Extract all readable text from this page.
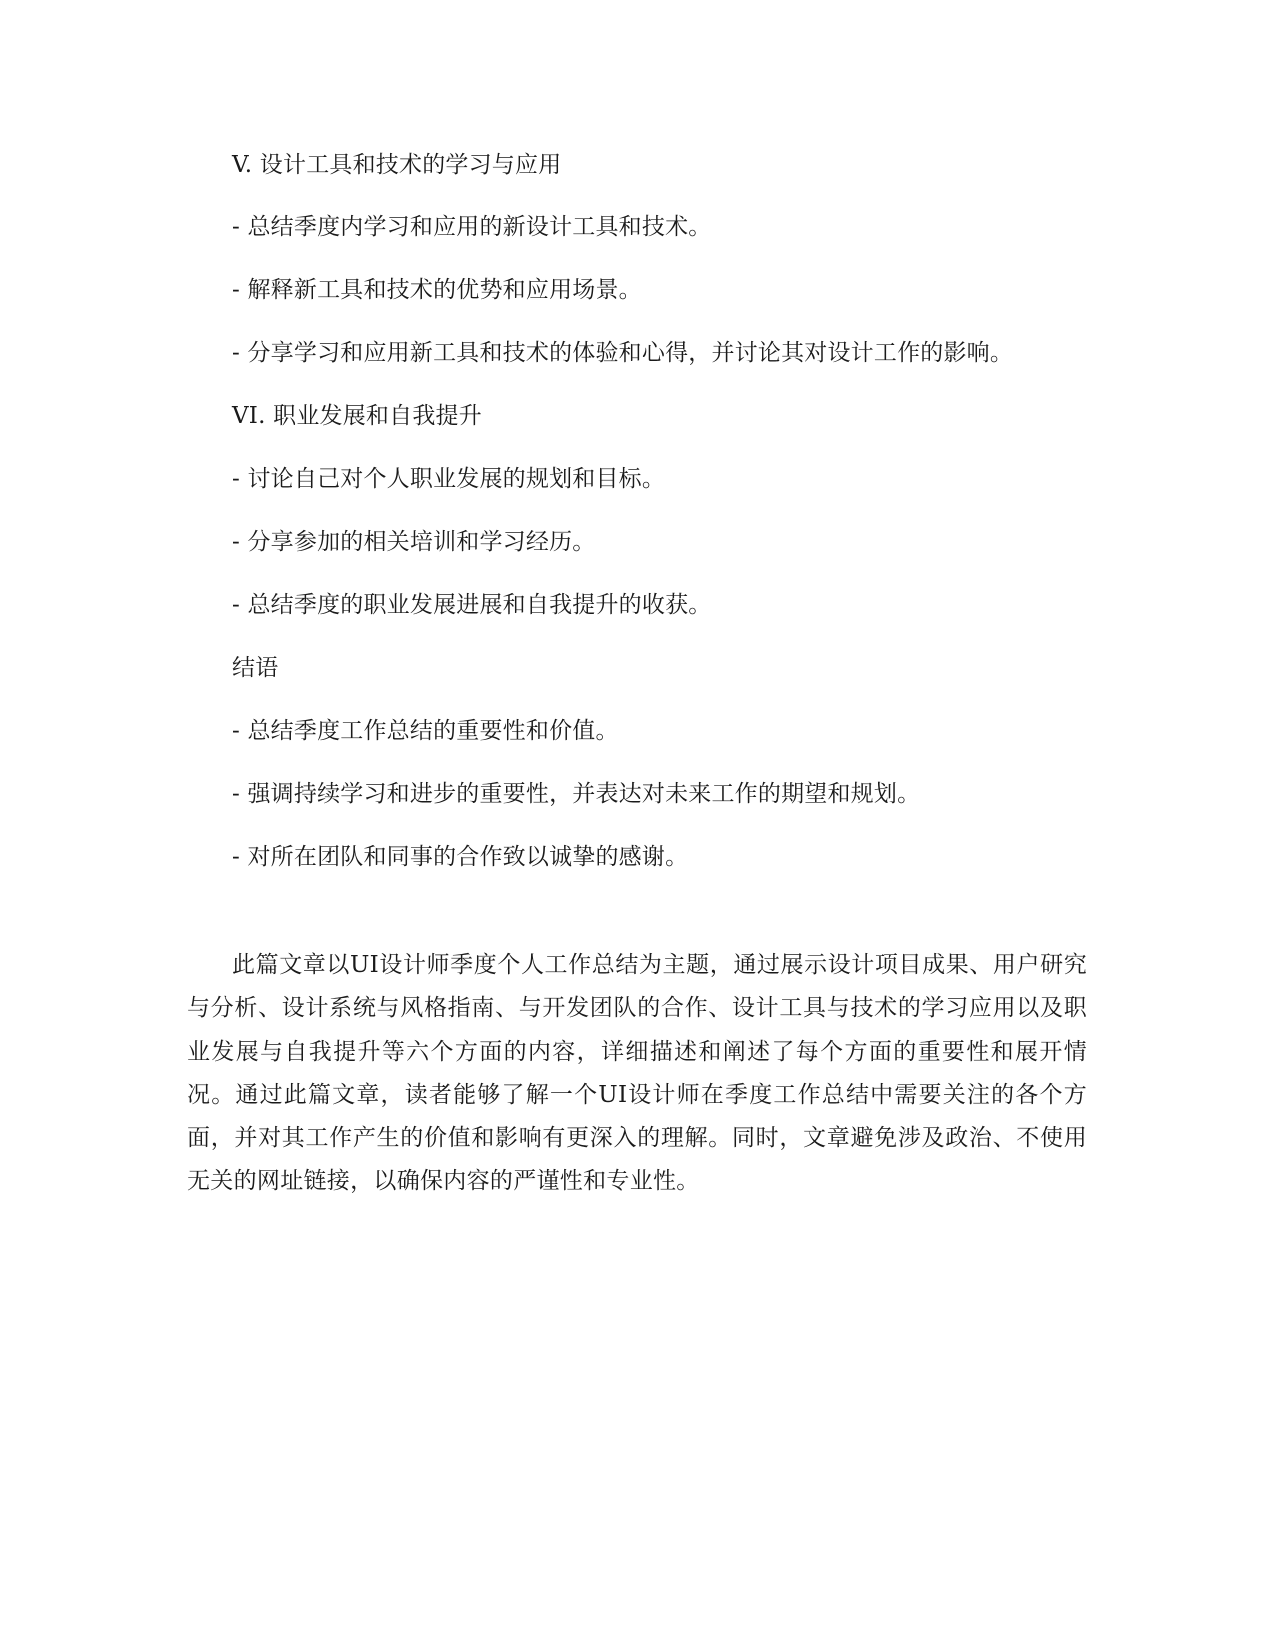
V. 设计工具和技术的学习与应用
- 总结季度内学习和应用的新设计工具和技术。
- 解释新工具和技术的优势和应用场景。
- 分享学习和应用新工具和技术的体验和心得，并讨论其对设计工作的影响。
VI. 职业发展和自我提升
- 讨论自己对个人职业发展的规划和目标。
- 分享参加的相关培训和学习经历。
- 总结季度的职业发展进展和自我提升的收获。
结语
- 总结季度工作总结的重要性和价值。
- 强调持续学习和进步的重要性，并表达对未来工作的期望和规划。
- 对所在团队和同事的合作致以诚挚的感谢。

此篇文章以UI设计师季度个人工作总结为主题，通过展示设计项目成果、用户研究与分析、设计系统与风格指南、与开发团队的合作、设计工具与技术的学习应用以及职业发展与自我提升等六个方面的内容，详细描述和阐述了每个方面的重要性和展开情况。通过此篇文章，读者能够了解一个UI设计师在季度工作总结中需要关注的各个方面，并对其工作产生的价值和影响有更深入的理解。同时，文章避免涉及政治、不使用无关的网址链接，以确保内容的严谨性和专业性。
